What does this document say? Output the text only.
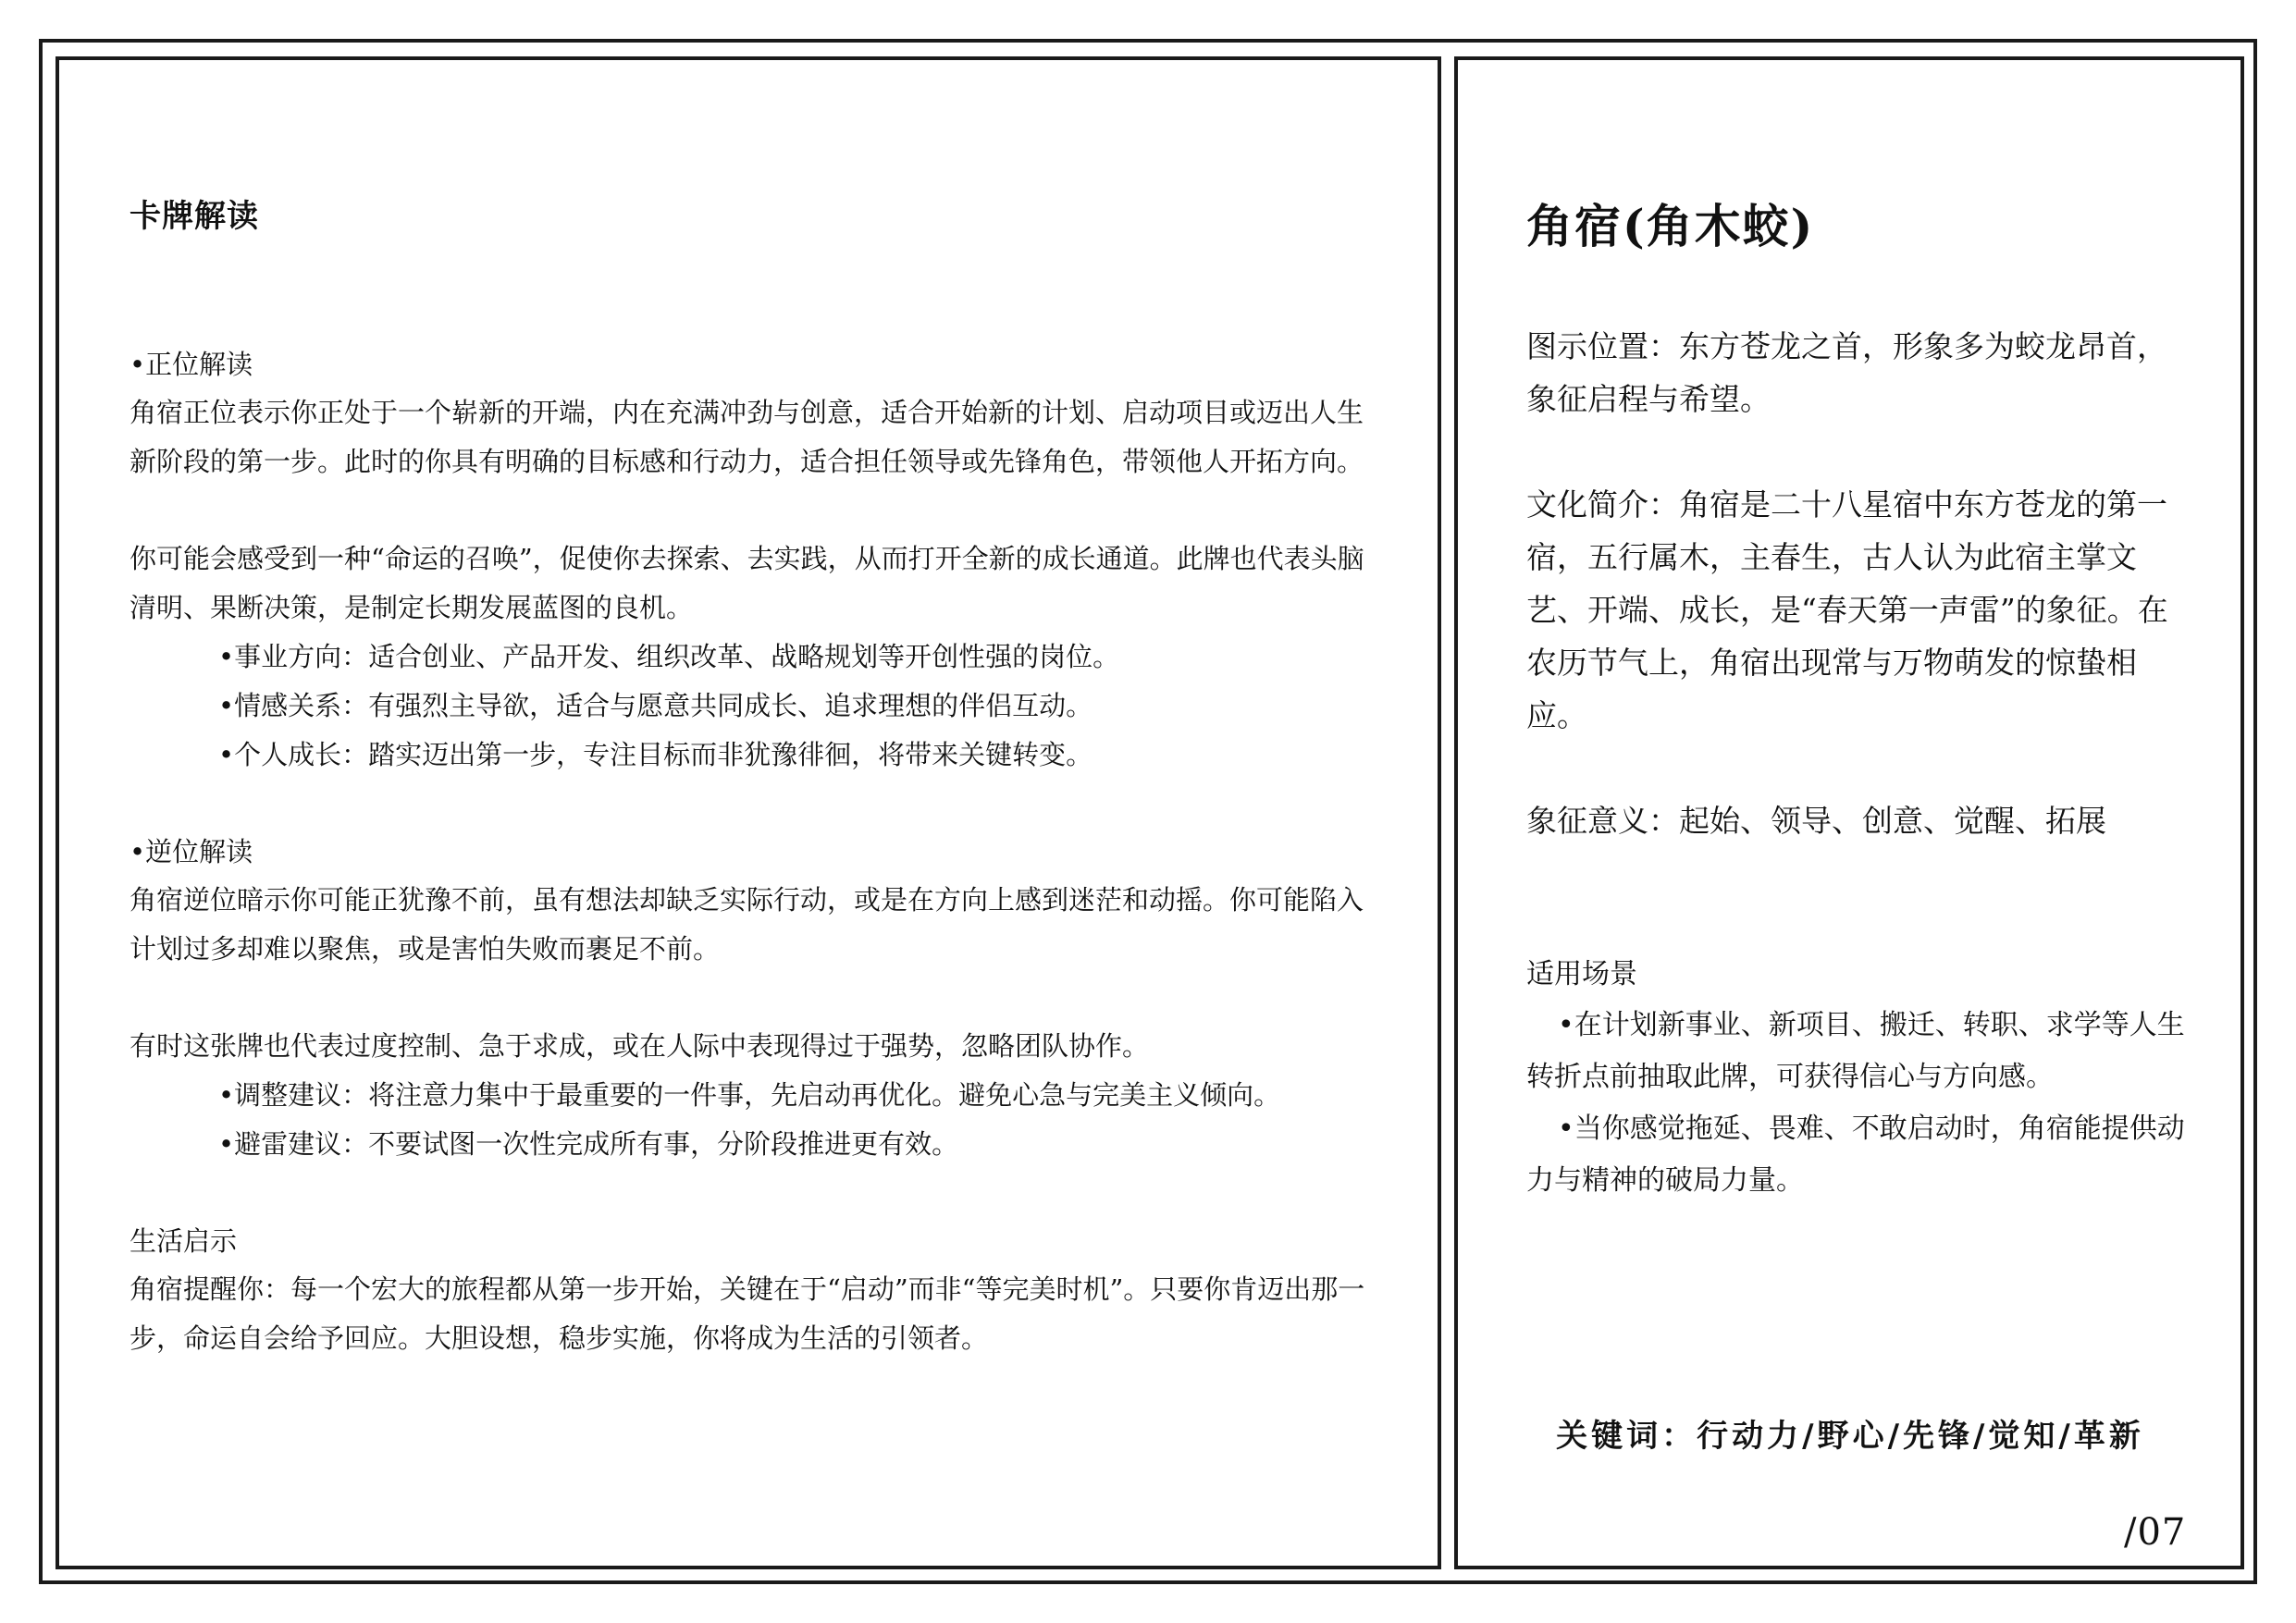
卡牌解读
•正位解读

角宿正位表示你正处于一个崭新的开端，内在充满冲劲与创意，适合开始新的计划、启动项目或迈出人生新阶段的第一步。此时的你具有明确的目标感和行动力，适合担任领导或先锋角色，带领他人开拓方向。

你可能会感受到一种“命运的召唤”，促使你去探索、去实践，从而打开全新的成长通道。此牌也代表头脑清明、果断决策，是制定长期发展蓝图的良机。

•事业方向：适合创业、产品开发、组织改革、战略规划等开创性强的岗位。
•情感关系：有强烈主导欲，适合与愿意共同成长、追求理想的伴侣互动。
•个人成长：踏实迈出第一步，专注目标而非犹豫徘徊，将带来关键转变。
•逆位解读

角宿逆位暗示你可能正犹豫不前，虽有想法却缺乏实际行动，或是在方向上感到迷茫和动摇。你可能陷入计划过多却难以聚焦，或是害怕失败而裹足不前。

有时这张牌也代表过度控制、急于求成，或在人际中表现得过于强势，忽略团队协作。

•调整建议：将注意力集中于最重要的一件事，先启动再优化。避免心急与完美主义倾向。
•避雷建议：不要试图一次性完成所有事，分阶段推进更有效。
生活启示

角宿提醒你：每一个宏大的旅程都从第一步开始，关键在于“启动”而非“等完美时机”。只要你肯迈出那一步，命运自会给予回应。大胆设想，稳步实施，你将成为生活的引领者。

角宿(角木蛟)

图示位置：东方苍龙之首，形象多为蛟龙昂首，象征启程与希望。

文化简介：角宿是二十八星宿中东方苍龙的第一宿，五行属木，主春生，古人认为此宿主掌文艺、开端、成长，是“春天第一声雷”的象征。在农历节气上，角宿出现常与万物萌发的惊蛰相应。

象征意义：起始、领导、创意、觉醒、拓展

适用场景

•在计划新事业、新项目、搬迁、转职、求学等人生转折点前抽取此牌，可获得信心与方向感。

•当你感觉拖延、畏难、不敢启动时，角宿能提供动力与精神的破局力量。

关键词：行动力/野心/先锋/觉知/革新
/07
